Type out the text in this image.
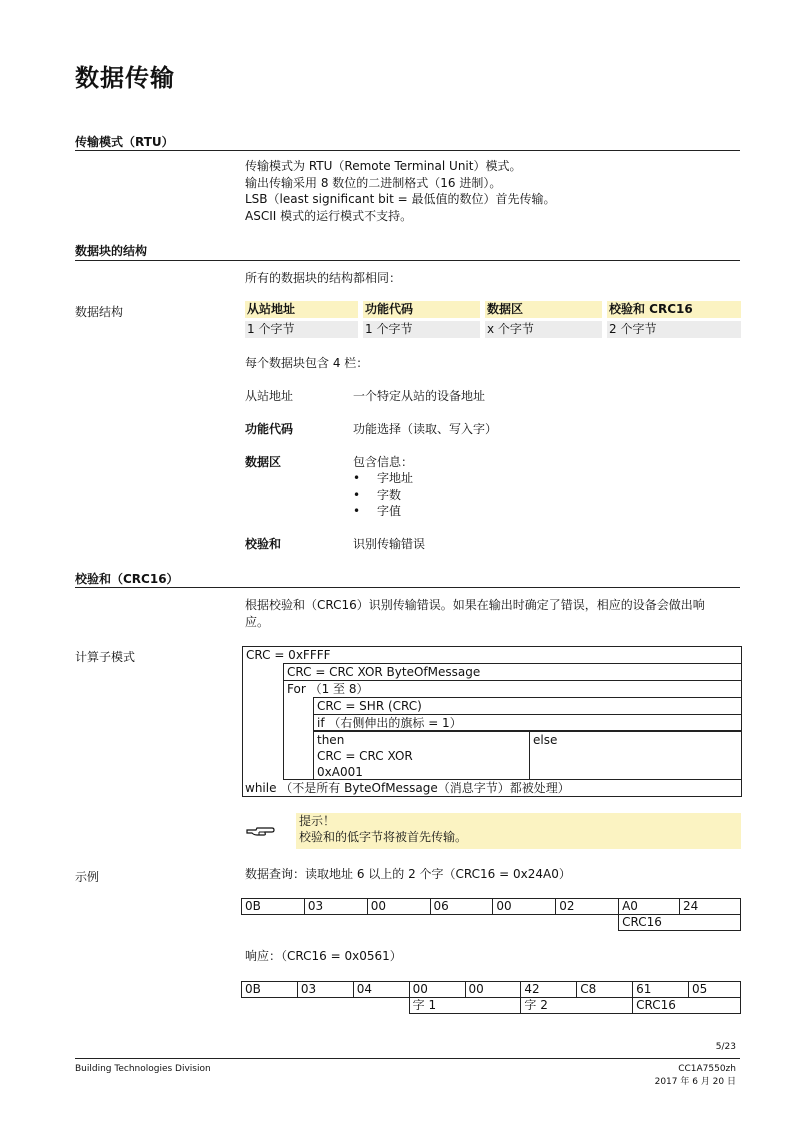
数据传输
传输模式（RTU）
传输模式为 RTU（Remote Terminal Unit）模式。
输出传输采用 8 数位的二进制格式（16 进制）。
LSB（least significant bit = 最低值的数位）首先传输。
ASCII 模式的运行模式不支持。
数据块的结构
所有的数据块的结构都相同：
数据结构	从站地址	功能代码	数据区	校验和 CRC16
1 个字节	1 个字节	x 个字节	2 个字节
每个数据块包含 4 栏：
从站地址	一个特定从站的设备地址
功能代码	功能选择（读取、写入字）
数据区	包含信息：
• 字地址
• 字数
• 字值
校验和	识别传输错误
校验和（CRC16）
根据校验和（CRC16）识别传输错误。如果在输出时确定了错误，相应的设备会做出响
应。
计算子模式	CRC = 0xFFFF
CRC = CRC XOR ByteOfMessage
For （1 至 8）
CRC = SHR (CRC)
if （右侧伸出的旗标 = 1）
then
CRC = CRC XOR
0xA001
else
while （不是所有 ByteOfMessage（消息字节）都被处理）
提示！
校验和的低字节将被首先传输。
示例	数据查询：读取地址 6 以上的 2 个字（CRC16 = 0x24A0）
0B	03	00	06	00	02	A0	24
						CRC16	
响应：（CRC16 = 0x0561）
0B	03	04	00	00	42	C8	61	05
			字 1		字 2		CRC16	
5/23
Building Technologies Division	CC1A7550zh
2017 年 6 月 20 日
